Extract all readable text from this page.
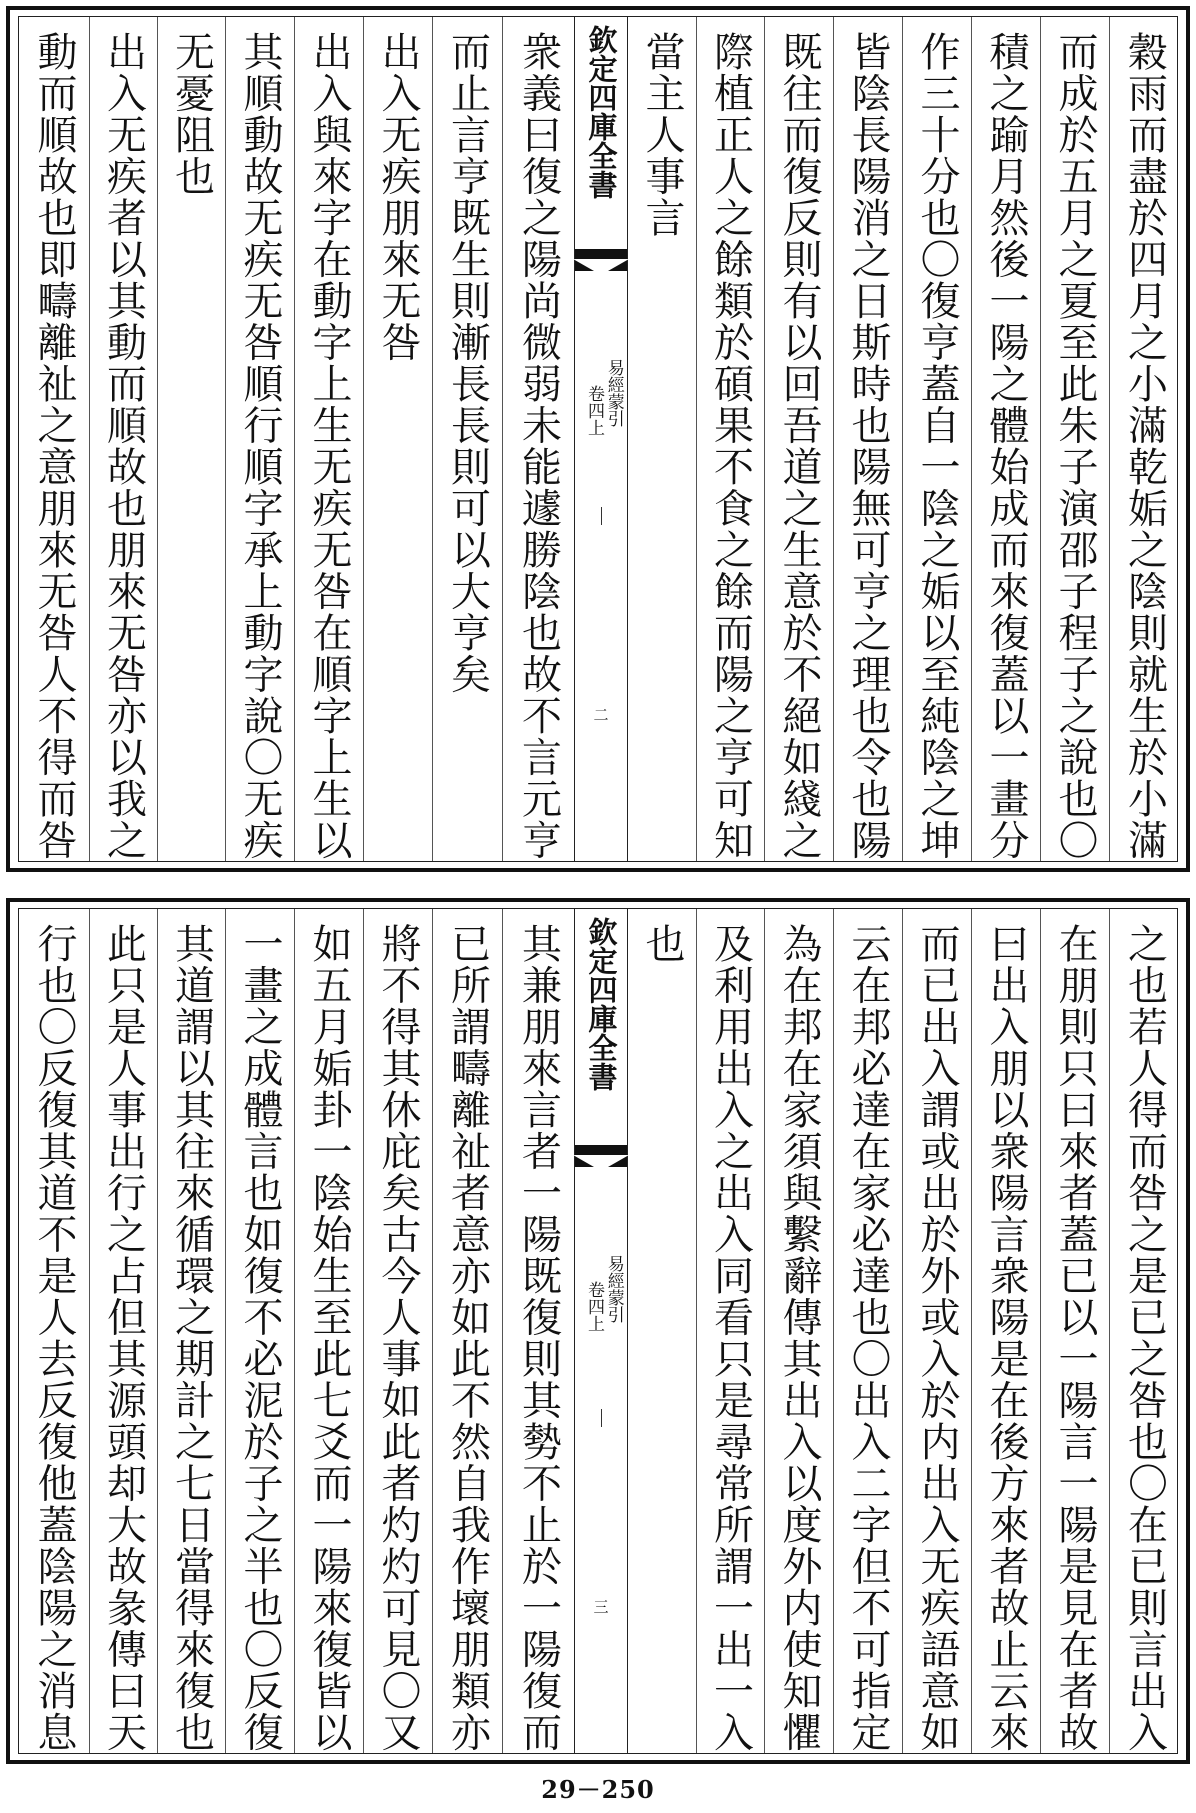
動而順故也即疇離祉之意朋來无咎人不得而咎 出入无疾者以其動而順故也朋來无咎亦以我之 无憂阻也 其順動故无疾无咎順行順字承上動字說〇无疾 出入與來字在動字上生无疾无咎在順字上生以 出入无疾朋來无咎 而止言亨既生則漸長長則可以大亨矣 衆義曰復之陽尚微弱未能遽勝陰也故不言元亨 欽定四庫全書
易經蒙引
卷四上
二
當主人事言 際植正人之餘類於碩果不食之餘而陽之亨可知 既往而復反則有以回吾道之生意於不絕如綫之 皆陰長陽消之日斯時也陽無可亨之理也令也陽 作三十分也〇復亨蓋自一陰之姤以至純陰之坤 積之踰月然後一陽之體始成而來復蓋以一畫分 而成於五月之夏至此朱子演邵子程子之說也〇 穀雨而盡於四月之小滿乾姤之陰則就生於小滿
行也〇反復其道不是人去反復他蓋陰陽之消息 此只是人事出行之占但其源頭却大故彖傳曰天 其道謂以其往來循環之期計之七日當得來復也 一畫之成體言也如復不必泥於子之半也〇反復 如五月姤卦一陰始生至此七爻而一陽來復皆以 將不得其休庇矣古今人事如此者灼灼可見〇又 已所謂疇離祉者意亦如此不然自我作壞朋類亦 其兼朋來言者一陽既復則其勢不止於一陽復而 欽定四庫全書
易經蒙引
卷四上
三
也 及利用出入之出入同看只是尋常所謂一出一入 為在邦在家須與繫辭傳其出入以度外内使知懼 云在邦必達在家必達也〇出入二字但不可指定 而已出入謂或出於外或入於内出入无疾語意如 曰出入朋以衆陽言衆陽是在後方來者故止云來 在朋則只曰來者蓋已以一陽言一陽是見在者故 之也若人得而咎之是已之咎也〇在已則言出入
29－250
